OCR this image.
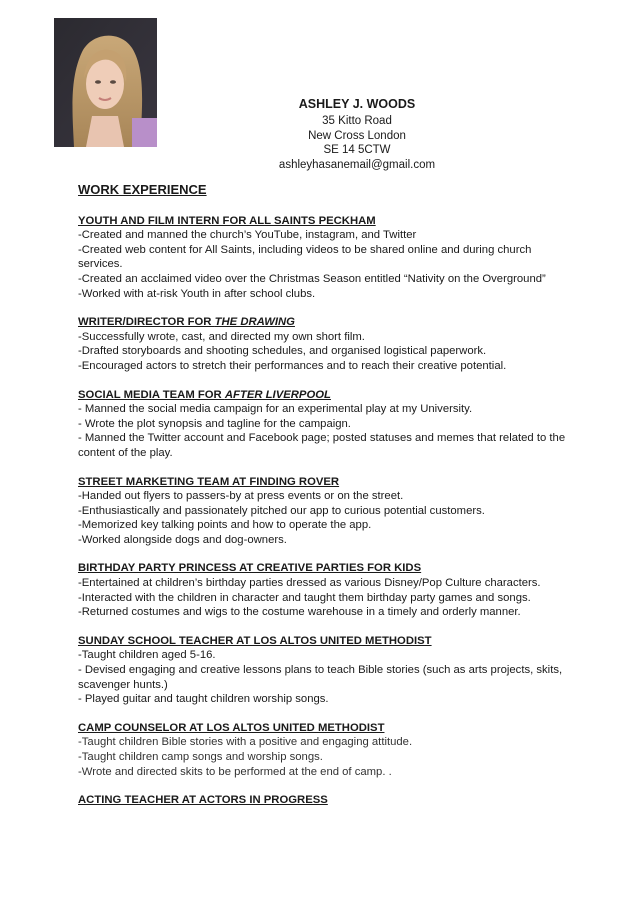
ASHLEY J. WOODS
35 Kitto Road
New Cross London
SE 14 5CTW
ashleyhasanemail@gmail.com
WORK EXPERIENCE
YOUTH AND FILM INTERN FOR ALL SAINTS PECKHAM
-Created and manned the church’s YouTube, instagram, and Twitter
-Created web content for All Saints, including videos to be shared online and during church services.
-Created an acclaimed video over the Christmas Season entitled “Nativity on the Overground”
-Worked with at-risk Youth in after school clubs.
WRITER/DIRECTOR FOR THE DRAWING
-Successfully wrote, cast, and directed my own short film.
-Drafted storyboards and shooting schedules, and organised logistical paperwork.
-Encouraged actors to stretch their performances and to reach their creative potential.
SOCIAL MEDIA TEAM FOR AFTER LIVERPOOL
- Manned the social media campaign for an experimental play at my University.
- Wrote the plot synopsis and tagline for the campaign.
- Manned the Twitter account and Facebook page; posted statuses and memes that related to the content of the play.
STREET MARKETING TEAM AT FINDING ROVER
-Handed out flyers to passers-by at press events or on the street.
-Enthusiastically and passionately pitched our app to curious potential customers.
-Memorized key talking points and how to operate the app.
-Worked alongside dogs and dog-owners.
BIRTHDAY PARTY PRINCESS AT CREATIVE PARTIES FOR KIDS
-Entertained at children’s birthday parties dressed as various Disney/Pop Culture characters.
-Interacted with the children in character and taught them birthday party games and songs.
-Returned costumes and wigs to the costume warehouse in a timely and orderly manner.
SUNDAY SCHOOL TEACHER AT LOS ALTOS UNITED METHODIST
-Taught children aged 5-16.
- Devised engaging and creative lessons plans to teach Bible stories (such as arts projects, skits, scavenger hunts.)
- Played guitar and taught children worship songs.
CAMP COUNSELOR AT LOS ALTOS UNITED METHODIST
-Taught children Bible stories with a positive and engaging attitude.
-Taught children camp songs and worship songs.
-Wrote and directed skits to be performed at the end of camp. .
ACTING TEACHER AT ACTORS IN PROGRESS
